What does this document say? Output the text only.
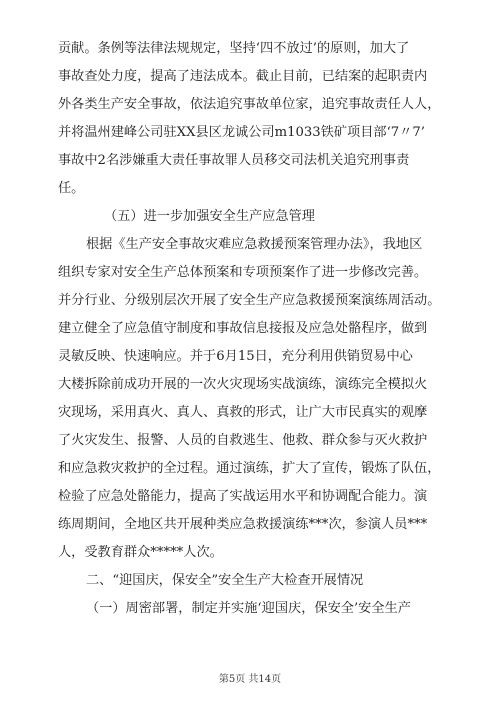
贡献。条例等法律法规规定，坚持‘四不放过’的原则，加大了
事故查处力度，提高了违法成本。截止目前，已结案的起职责内
外各类生产安全事故，依法追究事故单位家，追究事故责任人人，
并将温州建峰公司驻XX县区龙诚公司m1033铁矿项目部‘7〃7’
事故中2名涉嫌重大责任事故罪人员移交司法机关追究刑事责
任。
（五）进一步加强安全生产应急管理
根据《生产安全事故灾难应急救援预案管理办法》，我地区
组织专家对安全生产总体预案和专项预案作了进一步修改完善。
并分行业、分级别层次开展了安全生产应急救援预案演练周活动。
建立健全了应急值守制度和事故信息接报及应急处骼程序，做到
灵敏反映、快速响应。并于6月15日，充分利用供销贸易中心
大楼拆除前成功开展的一次火灾现场实战演练，演练完全模拟火
灾现场，采用真火、真人、真救的形式，让广大市民真实的观摩
了火灾发生、报警、人员的自救逃生、他救、群众参与灭火救护
和应急救灾救护的全过程。通过演练，扩大了宣传，锻炼了队伍，
检验了应急处骼能力，提高了实战运用水平和协调配合能力。演
练周期间，全地区共开展种类应急救援演练***次，参演人员***
人，受教育群众*****人次。
二、“迎国庆，保安全”安全生产大检查开展情况
（一）周密部署，制定并实施‘迎国庆，保安全’安全生产
第5页 共14页
